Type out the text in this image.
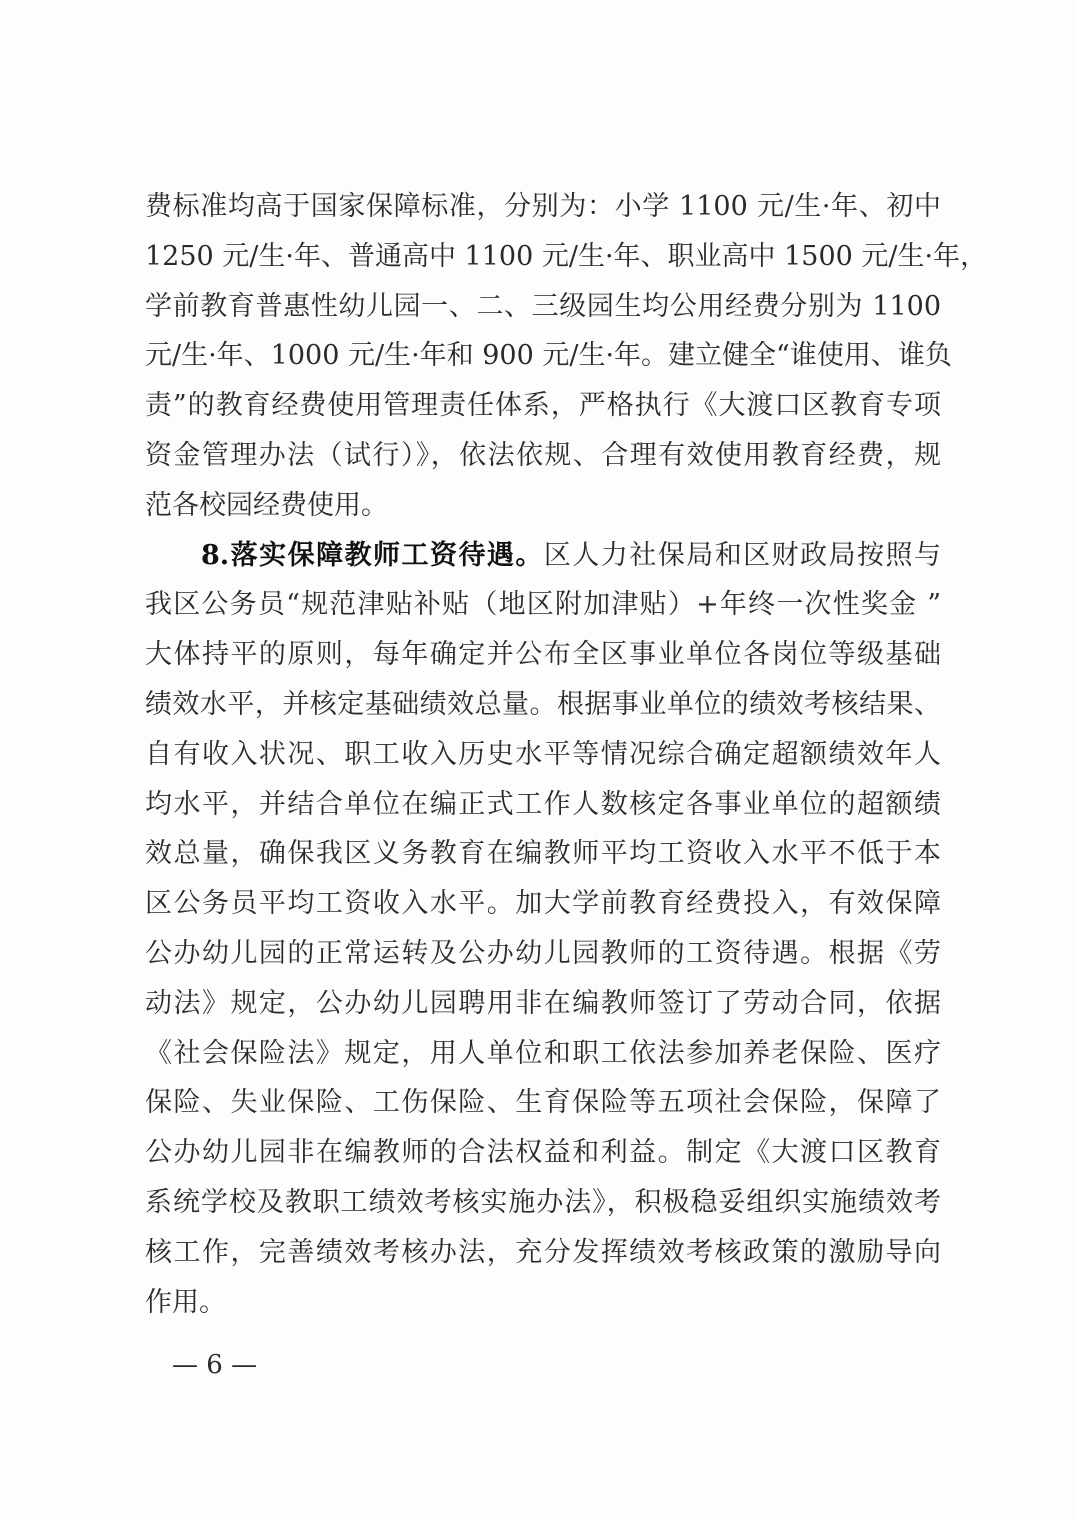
费标准均高于国家保障标准，分别为：小学 1100 元/生·年、初中
1250 元/生·年、普通高中 1100 元/生·年、职业高中 1500 元/生·年，
学前教育普惠性幼儿园一、二、三级园生均公用经费分别为 1100
元/生·年、1000 元/生·年和 900 元/生·年。建立健全“谁使用、谁负
责”的教育经费使用管理责任体系，严格执行《大渡口区教育专项
资金管理办法（试行）》，依法依规、合理有效使用教育经费，规
范各校园经费使用。
8.落实保障教师工资待遇。区人力社保局和区财政局按照与
我区公务员“规范津贴补贴（地区附加津贴）+年终一次性奖金 ”
大体持平的原则，每年确定并公布全区事业单位各岗位等级基础
绩效水平，并核定基础绩效总量。根据事业单位的绩效考核结果、
自有收入状况、职工收入历史水平等情况综合确定超额绩效年人
均水平，并结合单位在编正式工作人数核定各事业单位的超额绩
效总量，确保我区义务教育在编教师平均工资收入水平不低于本
区公务员平均工资收入水平。加大学前教育经费投入，有效保障
公办幼儿园的正常运转及公办幼儿园教师的工资待遇。根据《劳
动法》规定，公办幼儿园聘用非在编教师签订了劳动合同，依据
《社会保险法》规定，用人单位和职工依法参加养老保险、医疗
保险、失业保险、工伤保险、生育保险等五项社会保险，保障了
公办幼儿园非在编教师的合法权益和利益。制定《大渡口区教育
系统学校及教职工绩效考核实施办法》，积极稳妥组织实施绩效考
核工作，完善绩效考核办法，充分发挥绩效考核政策的激励导向
作用。
— 6 —
